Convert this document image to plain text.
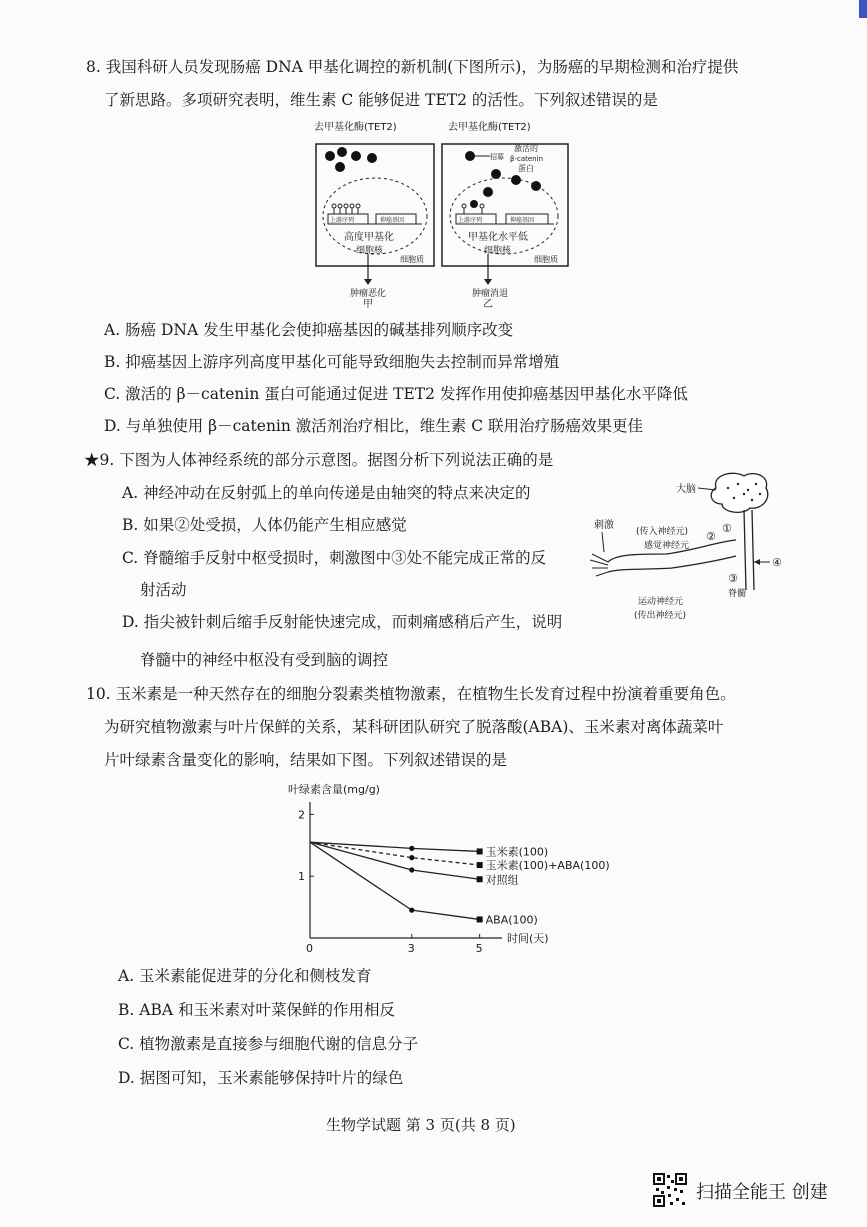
8. 我国科研人员发现肠癌 DNA 甲基化调控的新机制(下图所示)，为肠癌的早期检测和治疗提供
了新思路。多项研究表明，维生素 C 能够促进 TET2 的活性。下列叙述错误的是
去甲基化酶(TET2)
上游序列	抑癌基因
高度甲基化
细胞核
细胞质
肿瘤恶化
甲
去甲基化酶(TET2)
招募
激活的
β-catenin
蛋白
上游序列	抑癌基因
甲基化水平低
细胞核
细胞质
肿瘤消退
乙
A. 肠癌 DNA 发生甲基化会使抑癌基因的碱基排列顺序改变
B. 抑癌基因上游序列高度甲基化可能导致细胞失去控制而异常增殖
C. 激活的 β－catenin 蛋白可能通过促进 TET2 发挥作用使抑癌基因甲基化水平降低
D. 与单独使用 β－catenin 激活剂治疗相比，维生素 C 联用治疗肠癌效果更佳
★9. 下图为人体神经系统的部分示意图。据图分析下列说法正确的是
A. 神经冲动在反射弧上的单向传递是由轴突的特点来决定的
B. 如果②处受损，人体仍能产生相应感觉
C. 脊髓缩手反射中枢受损时，刺激图中③处不能完成正常的反
射活动
D. 指尖被针刺后缩手反射能快速完成，而刺痛感稍后产生，说明
脊髓中的神经中枢没有受到脑的调控
大脑
脊髓
刺激
(传入神经元)
感觉神经元
①
②
③
④
运动神经元
(传出神经元)
10. 玉米素是一种天然存在的细胞分裂素类植物激素，在植物生长发育过程中扮演着重要角色。
为研究植物激素与叶片保鲜的关系，某科研团队研究了脱落酸(ABA)、玉米素对离体蔬菜叶
片叶绿素含量变化的影响，结果如下图。下列叙述错误的是
叶绿素含量(mg/g)
时间(天)
0	3	5
1
2
玉米素(100)
玉米素(100)+ABA(100)
对照组
ABA(100)
A. 玉米素能促进芽的分化和侧枝发育
B. ABA 和玉米素对叶菜保鲜的作用相反
C. 植物激素是直接参与细胞代谢的信息分子
D. 据图可知，玉米素能够保持叶片的绿色
生物学试题 第 3 页(共 8 页)
扫描全能王 创建
